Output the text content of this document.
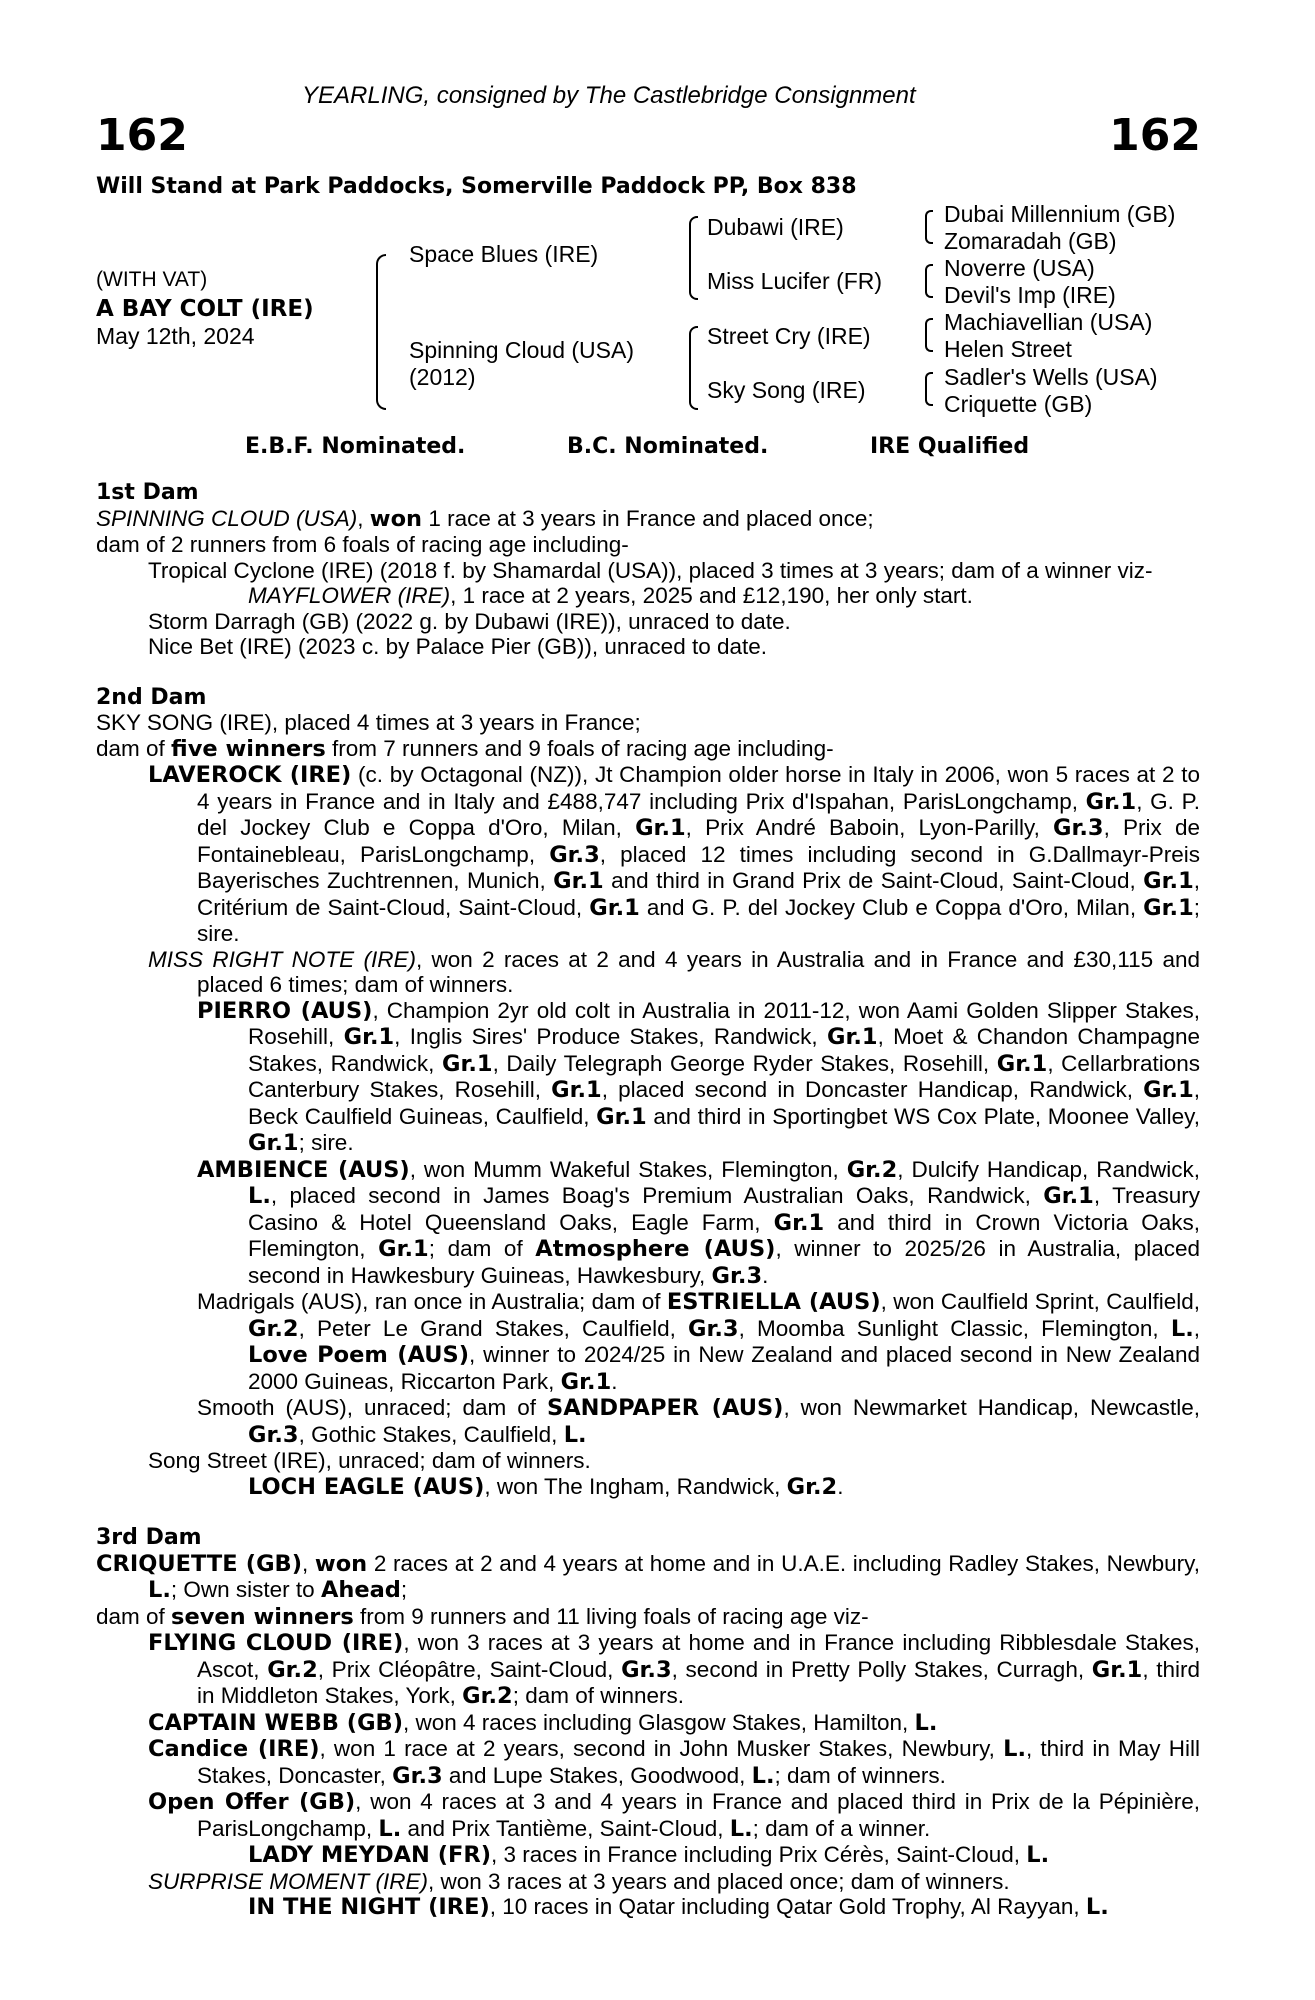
YEARLING, consigned by The Castlebridge Consignment
162	162
Will Stand at Park Paddocks, Somerville Paddock PP, Box 838
(WITH VAT)
A BAY COLT (IRE)
May 12th, 2024
Space Blues (IRE)
Spinning Cloud (USA)
(2012)
Dubawi (IRE)
Miss Lucifer (FR)
Street Cry (IRE)
Sky Song (IRE)
Dubai Millennium (GB)
Zomaradah (GB)
Noverre (USA)
Devil's Imp (IRE)
Machiavellian (USA)
Helen Street
Sadler's Wells (USA)
Criquette (GB)
E.B.F. Nominated.	B.C. Nominated.	IRE Qualified
1st Dam

SPINNING CLOUD (USA), won 1 race at 3 years in France and placed once;

dam of 2 runners from 6 foals of racing age including-

Tropical Cyclone (IRE) (2018 f. by Shamardal (USA)), placed 3 times at 3 years; dam of a winner viz-

MAYFLOWER (IRE), 1 race at 2 years, 2025 and £12,190, her only start.

Storm Darragh (GB) (2022 g. by Dubawi (IRE)), unraced to date.

Nice Bet (IRE) (2023 c. by Palace Pier (GB)), unraced to date.

2nd Dam

SKY SONG (IRE), placed 4 times at 3 years in France;

dam of five winners from 7 runners and 9 foals of racing age including-

LAVEROCK (IRE) (c. by Octagonal (NZ)), Jt Champion older horse in Italy in 2006, won 5 races at 2 to 4 years in France and in Italy and £488,747 including Prix d'Ispahan, ParisLongchamp, Gr.1, G. P. del Jockey Club e Coppa d'Oro, Milan, Gr.1, Prix André Baboin, Lyon-Parilly, Gr.3, Prix de Fontainebleau, ParisLongchamp, Gr.3, placed 12 times including second in G.Dallmayr-Preis Bayerisches Zuchtrennen, Munich, Gr.1 and third in Grand Prix de Saint-Cloud, Saint-Cloud, Gr.1, Critérium de Saint-Cloud, Saint-Cloud, Gr.1 and G. P. del Jockey Club e Coppa d'Oro, Milan, Gr.1; sire.

MISS RIGHT NOTE (IRE), won 2 races at 2 and 4 years in Australia and in France and £30,115 and placed 6 times; dam of winners.

PIERRO (AUS), Champion 2yr old colt in Australia in 2011-12, won Aami Golden Slipper Stakes, Rosehill, Gr.1, Inglis Sires' Produce Stakes, Randwick, Gr.1, Moet & Chandon Champagne Stakes, Randwick, Gr.1, Daily Telegraph George Ryder Stakes, Rosehill, Gr.1, Cellarbrations Canterbury Stakes, Rosehill, Gr.1, placed second in Doncaster Handicap, Randwick, Gr.1, Beck Caulfield Guineas, Caulfield, Gr.1 and third in Sportingbet WS Cox Plate, Moonee Valley, Gr.1; sire.

AMBIENCE (AUS), won Mumm Wakeful Stakes, Flemington, Gr.2, Dulcify Handicap, Randwick, L., placed second in James Boag's Premium Australian Oaks, Randwick, Gr.1, Treasury Casino & Hotel Queensland Oaks, Eagle Farm, Gr.1 and third in Crown Victoria Oaks, Flemington, Gr.1; dam of Atmosphere (AUS), winner to 2025/26 in Australia, placed second in Hawkesbury Guineas, Hawkesbury, Gr.3.

Madrigals (AUS), ran once in Australia; dam of ESTRIELLA (AUS), won Caulfield Sprint, Caulfield, Gr.2, Peter Le Grand Stakes, Caulfield, Gr.3, Moomba Sunlight Classic, Flemington, L., Love Poem (AUS), winner to 2024/25 in New Zealand and placed second in New Zealand 2000 Guineas, Riccarton Park, Gr.1.

Smooth (AUS), unraced; dam of SANDPAPER (AUS), won Newmarket Handicap, Newcastle, Gr.3, Gothic Stakes, Caulfield, L.

Song Street (IRE), unraced; dam of winners.

LOCH EAGLE (AUS), won The Ingham, Randwick, Gr.2.

3rd Dam

CRIQUETTE (GB), won 2 races at 2 and 4 years at home and in U.A.E. including Radley Stakes, Newbury, L.; Own sister to Ahead;

dam of seven winners from 9 runners and 11 living foals of racing age viz-

FLYING CLOUD (IRE), won 3 races at 3 years at home and in France including Ribblesdale Stakes, Ascot, Gr.2, Prix Cléopâtre, Saint-Cloud, Gr.3, second in Pretty Polly Stakes, Curragh, Gr.1, third in Middleton Stakes, York, Gr.2; dam of winners.

CAPTAIN WEBB (GB), won 4 races including Glasgow Stakes, Hamilton, L.

Candice (IRE), won 1 race at 2 years, second in John Musker Stakes, Newbury, L., third in May Hill Stakes, Doncaster, Gr.3 and Lupe Stakes, Goodwood, L.; dam of winners.

Open Offer (GB), won 4 races at 3 and 4 years in France and placed third in Prix de la Pépinière, ParisLongchamp, L. and Prix Tantième, Saint-Cloud, L.; dam of a winner.

LADY MEYDAN (FR), 3 races in France including Prix Cérès, Saint-Cloud, L.

SURPRISE MOMENT (IRE), won 3 races at 3 years and placed once; dam of winners.

IN THE NIGHT (IRE), 10 races in Qatar including Qatar Gold Trophy, Al Rayyan, L.
